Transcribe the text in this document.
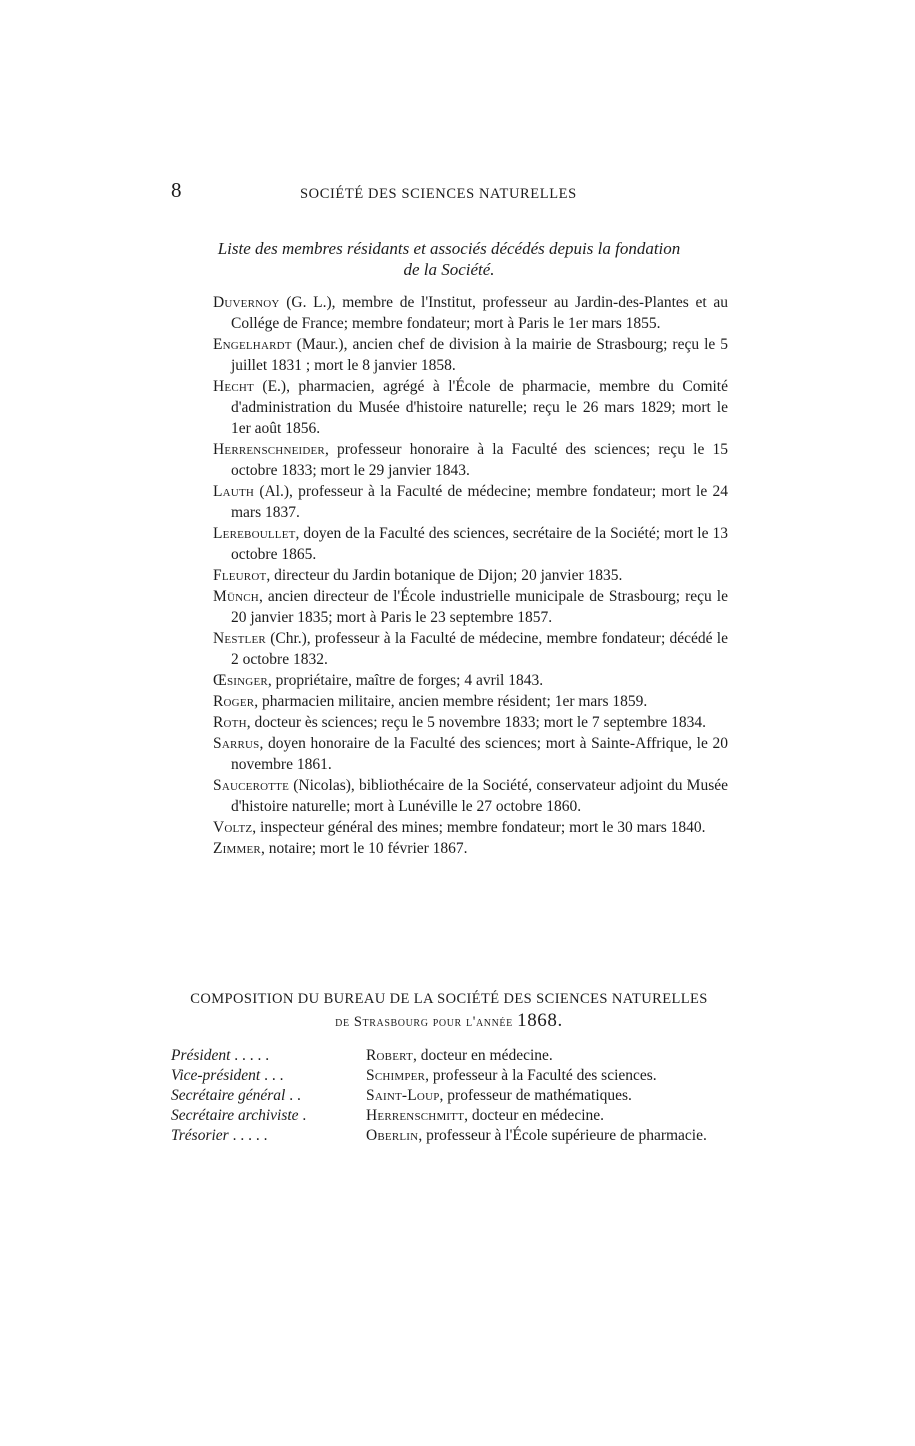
8	SOCIÉTÉ DES SCIENCES NATURELLES
Liste des membres résidants et associés décédés depuis la fondation
de la Société.
Duvernoy (G. L.), membre de l'Institut, professeur au Jardin-des-Plantes et au Collége de France; membre fondateur; mort à Paris le 1er mars 1855.
Engelhardt (Maur.), ancien chef de division à la mairie de Strasbourg; reçu le 5 juillet 1831 ; mort le 8 janvier 1858.
Hecht (E.), pharmacien, agrégé à l'École de pharmacie, membre du Comité d'administration du Musée d'histoire naturelle; reçu le 26 mars 1829; mort le 1er août 1856.
Herrenschneider, professeur honoraire à la Faculté des sciences; reçu le 15 octobre 1833; mort le 29 janvier 1843.
Lauth (Al.), professeur à la Faculté de médecine; membre fondateur; mort le 24 mars 1837.
Lereboullet, doyen de la Faculté des sciences, secrétaire de la Société; mort le 13 octobre 1865.
Fleurot, directeur du Jardin botanique de Dijon; 20 janvier 1835.
Münch, ancien directeur de l'École industrielle municipale de Strasbourg; reçu le 20 janvier 1835; mort à Paris le 23 septembre 1857.
Nestler (Chr.), professeur à la Faculté de médecine, membre fondateur; décédé le 2 octobre 1832.
Œsinger, propriétaire, maître de forges; 4 avril 1843.
Roger, pharmacien militaire, ancien membre résident; 1er mars 1859.
Roth, docteur ès sciences; reçu le 5 novembre 1833; mort le 7 septembre 1834.
Sarrus, doyen honoraire de la Faculté des sciences; mort à Sainte-Affrique, le 20 novembre 1861.
Saucerotte (Nicolas), bibliothécaire de la Société, conservateur adjoint du Musée d'histoire naturelle; mort à Lunéville le 27 octobre 1860.
Voltz, inspecteur général des mines; membre fondateur; mort le 30 mars 1840.
Zimmer, notaire; mort le 10 février 1867.
COMPOSITION DU BUREAU DE LA SOCIÉTÉ DES SCIENCES NATURELLES
de Strasbourg pour l'année 1868.
Président . . . . .	Robert, docteur en médecine.
Vice-président . . .	Schimper, professeur à la Faculté des sciences.
Secrétaire général . .	Saint-Loup, professeur de mathématiques.
Secrétaire archiviste .	Herrenschmitt, docteur en médecine.
Trésorier . . . . .	Oberlin, professeur à l'École supérieure de pharmacie.
